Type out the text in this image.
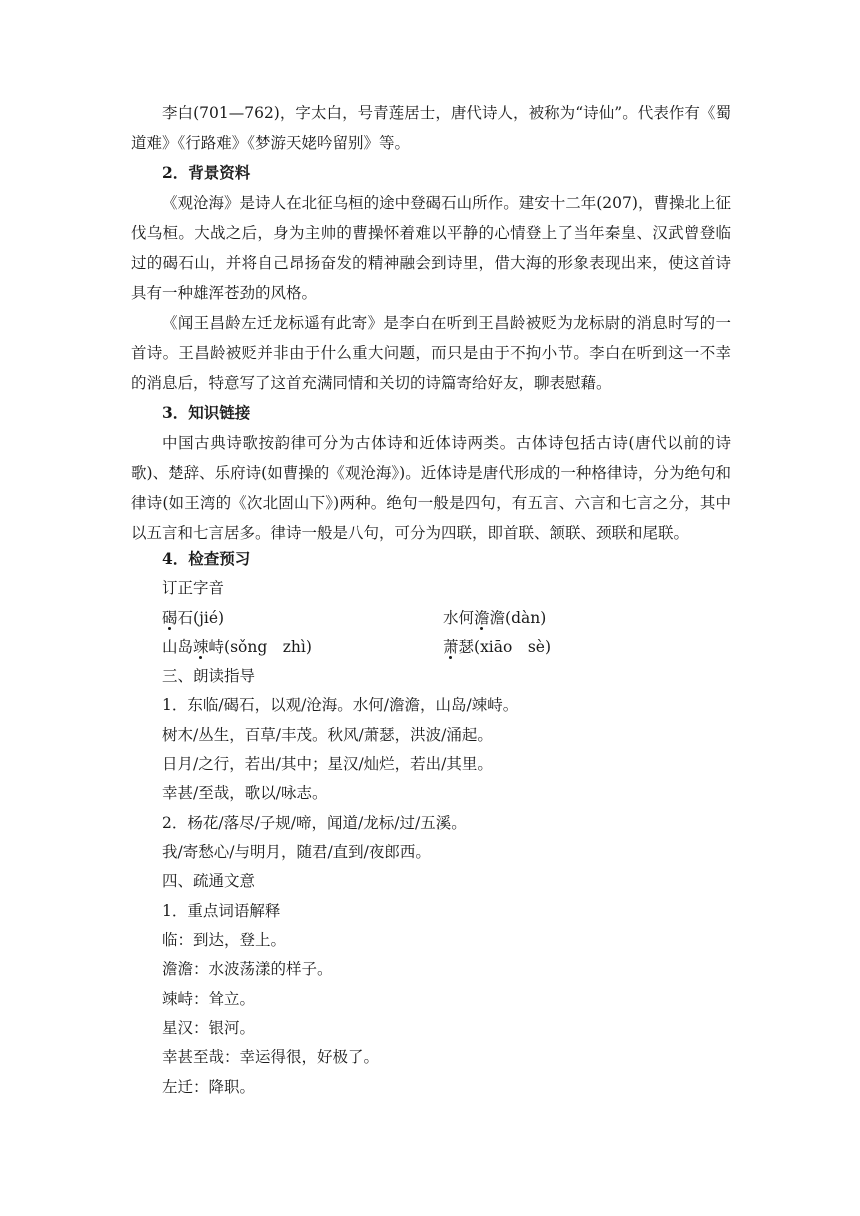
李白(701—762)，字太白，号青莲居士，唐代诗人，被称为“诗仙”。代表作有《蜀道难》《行路难》《梦游天姥吟留别》等。
2．背景资料
《观沧海》是诗人在北征乌桓的途中登碣石山所作。建安十二年(207)，曹操北上征伐乌桓。大战之后，身为主帅的曹操怀着难以平静的心情登上了当年秦皇、汉武曾登临过的碣石山，并将自己昂扬奋发的精神融会到诗里，借大海的形象表现出来，使这首诗具有一种雄浑苍劲的风格。
《闻王昌龄左迁龙标遥有此寄》是李白在听到王昌龄被贬为龙标尉的消息时写的一首诗。王昌龄被贬并非由于什么重大问题，而只是由于不拘小节。李白在听到这一不幸的消息后，特意写了这首充满同情和关切的诗篇寄给好友，聊表慰藉。
3．知识链接
中国古典诗歌按韵律可分为古体诗和近体诗两类。古体诗包括古诗(唐代以前的诗歌)、楚辞、乐府诗(如曹操的《观沧海》)。近体诗是唐代形成的一种格律诗，分为绝句和律诗(如王湾的《次北固山下》)两种。绝句一般是四句，有五言、六言和七言之分，其中以五言和七言居多。律诗一般是八句，可分为四联，即首联、颔联、颈联和尾联。
4．检查预习
订正字音
碣石(jié)	水何澹澹(dàn)
山岛竦峙(sǒng　zhì)	萧瑟(xiāo　sè)
三、朗读指导
1．东临/碣石，以观/沧海。水何/澹澹，山岛/竦峙。
树木/丛生，百草/丰茂。秋风/萧瑟，洪波/涌起。
日月/之行，若出/其中；星汉/灿烂，若出/其里。
幸甚/至哉，歌以/咏志。
2．杨花/落尽/子规/啼，闻道/龙标/过/五溪。
我/寄愁心/与明月，随君/直到/夜郎西。
四、疏通文意
1．重点词语解释
临：到达，登上。
澹澹：水波荡漾的样子。
竦峙：耸立。
星汉：银河。
幸甚至哉：幸运得很，好极了。
左迁：降职。
